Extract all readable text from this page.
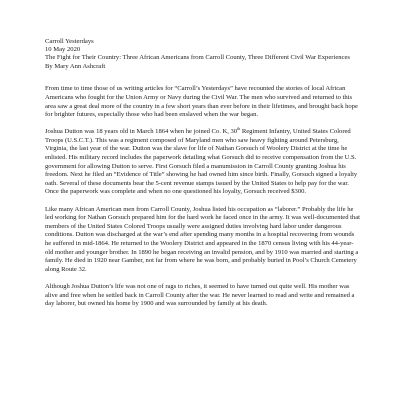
Carroll Yesterdays

10 May 2020

The Fight for Their Country: Three African Americans from Carroll County, Three Different Civil War Experiences

By Mary Ann Ashcraft

From time to time those of us writing articles for “Carroll’s Yesterdays” have recounted the stories of local African Americans who fought for the Union Army or Navy during the Civil War. The men who survived and returned to this area saw a great deal more of the country in a few short years than ever before in their lifetimes, and brought back hope for brighter futures, especially those who had been enslaved when the war began.

Joshua Dutton was 18 years old in March 1864 when he joined Co. K, 30th Regiment Infantry, United States Colored Troops (U.S.C.T.). This was a regiment composed of Maryland men who saw heavy fighting around Petersburg, Virginia, the last year of the war. Dutton was the slave for life of Nathan Gorsuch of Woolery District at the time he enlisted. His military record includes the paperwork detailing what Gorsuch did to receive compensation from the U.S. government for allowing Dutton to serve. First Gorsuch filed a manumission in Carroll County granting Joshua his freedom. Next he filed an “Evidence of Title” showing he had owned him since birth. Finally, Gorsuch signed a loyalty oath. Several of these documents bear the 5-cent revenue stamps issued by the United States to help pay for the war. Once the paperwork was complete and when no one questioned his loyalty, Gorsuch received $300.

Like many African American men from Carroll County, Joshua listed his occupation as “laborer.” Probably the life he led working for Nathan Gorsuch prepared him for the hard work he faced once in the army. It was well-documented that members of the United States Colored Troops usually were assigned duties involving hard labor under dangerous conditions. Dutton was discharged at the war’s end after spending many months in a hospital recovering from wounds he suffered in mid-1864. He returned to the Woolery District and appeared in the 1870 census living with his 44-year-old mother and younger brother. In 1890 he began receiving an invalid pension, and by 1910 was married and starting a family. He died in 1920 near Gamber, not far from where he was born, and probably buried in Pool’s Church Cemetery along Route 32.

Although Joshua Dutton’s life was not one of rags to riches, it seemed to have turned out quite well. His mother was alive and free when he settled back in Carroll County after the war. He never learned to read and write and remained a day laborer, but owned his home by 1900 and was surrounded by family at his death.
